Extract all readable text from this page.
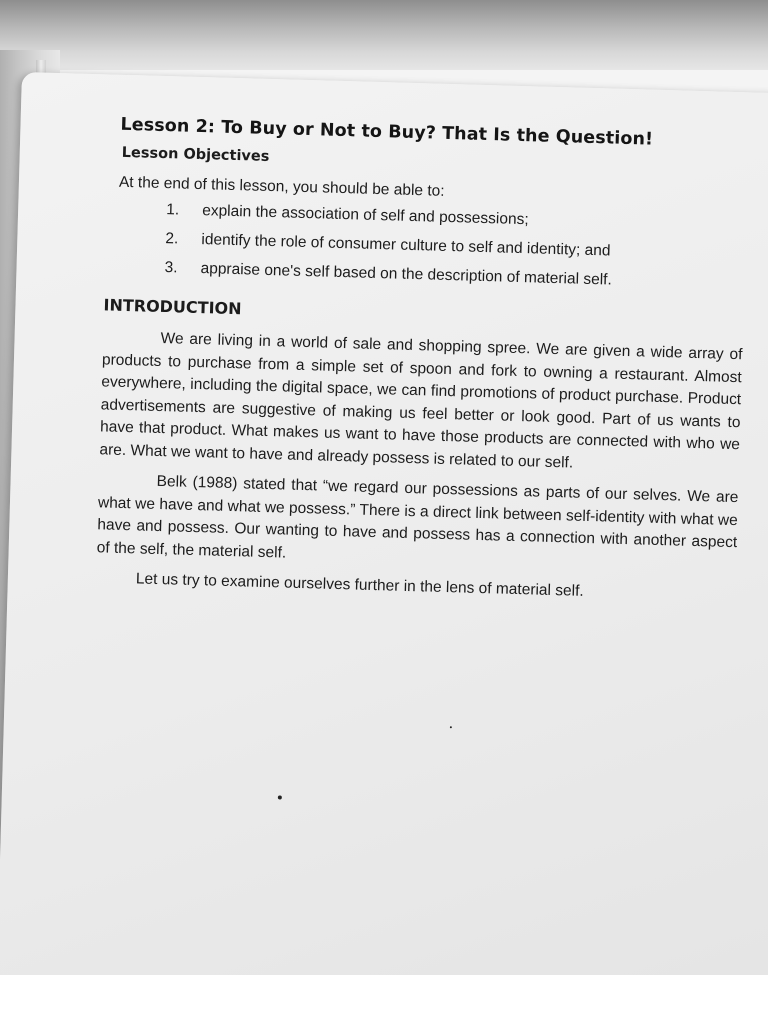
Lesson 2: To Buy or Not to Buy? That Is the Question!
Lesson Objectives

At the end of this lesson, you should be able to:

1.	explain the association of self and possessions;
2.	identify the role of consumer culture to self and identity; and
3.	appraise one's self based on the description of material self.
INTRODUCTION

We are living in a world of sale and shopping spree. We are given a wide array of products to purchase from a simple set of spoon and fork to owning a restaurant. Almost everywhere, including the digital space, we can find promotions of product purchase. Product advertisements are suggestive of making us feel better or look good. Part of us wants to have that product. What makes us want to have those products are connected with who we are. What we want to have and already possess is related to our self.

Belk (1988) stated that “we regard our possessions as parts of our selves. We are what we have and what we possess.” There is a direct link between self-identity with what we have and possess. Our wanting to have and possess has a connection with another aspect of the self, the material self.

Let us try to examine ourselves further in the lens of material self.
